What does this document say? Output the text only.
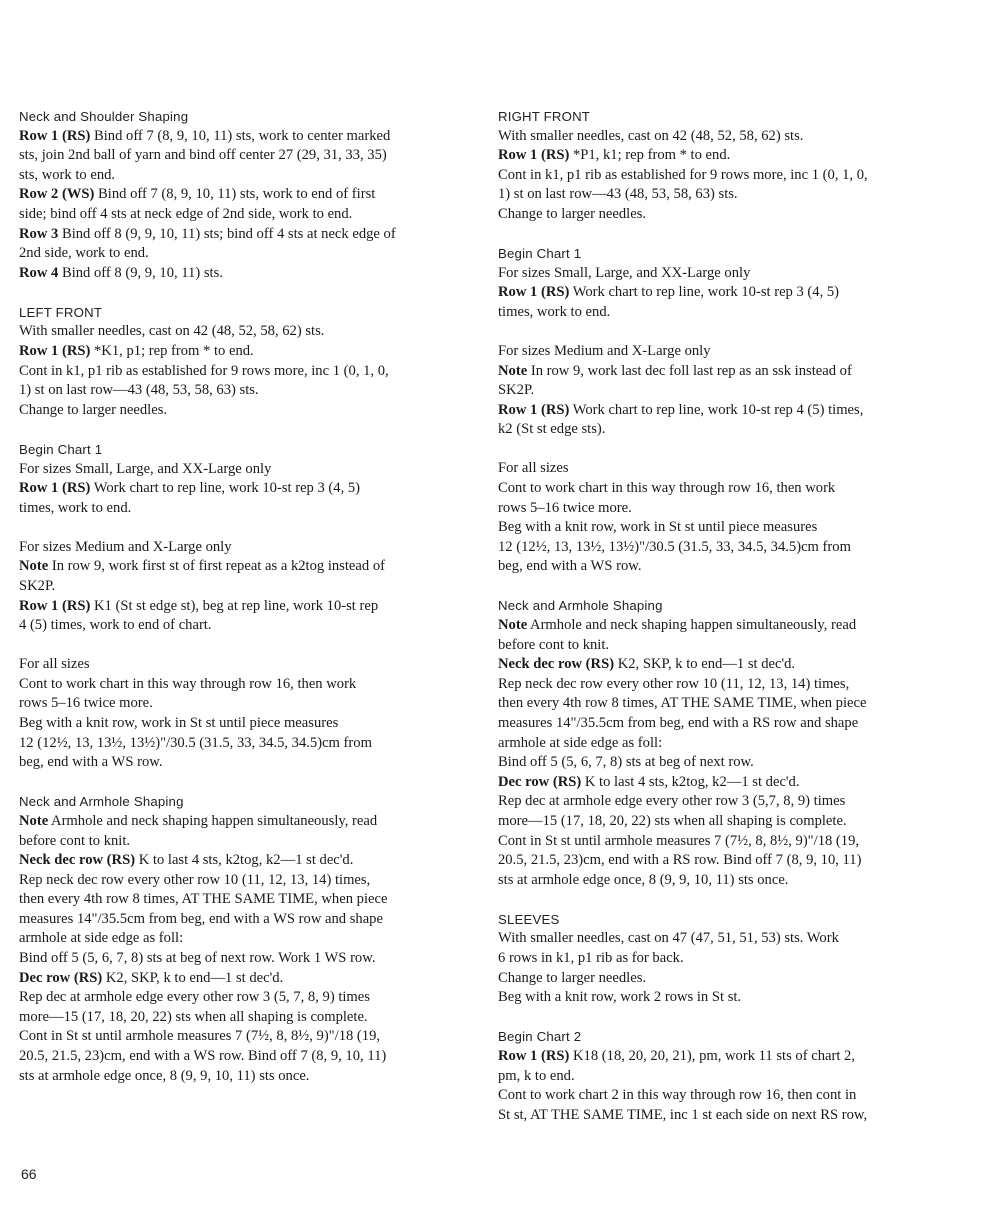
Neck and Shoulder Shaping
Row 1 (RS) Bind off 7 (8, 9, 10, 11) sts, work to center marked
sts, join 2nd ball of yarn and bind off center 27 (29, 31, 33, 35)
sts, work to end.
Row 2 (WS) Bind off 7 (8, 9, 10, 11) sts, work to end of first
side; bind off 4 sts at neck edge of 2nd side, work to end.
Row 3 Bind off 8 (9, 9, 10, 11) sts; bind off 4 sts at neck edge of
2nd side, work to end.
Row 4 Bind off 8 (9, 9, 10, 11) sts.
LEFT FRONT
With smaller needles, cast on 42 (48, 52, 58, 62) sts.
Row 1 (RS) *K1, p1; rep from * to end.
Cont in k1, p1 rib as established for 9 rows more, inc 1 (0, 1, 0,
1) st on last row—43 (48, 53, 58, 63) sts.
Change to larger needles.
Begin Chart 1
For sizes Small, Large, and XX-Large only
Row 1 (RS) Work chart to rep line, work 10-st rep 3 (4, 5)
times, work to end.
For sizes Medium and X-Large only
Note In row 9, work first st of first repeat as a k2tog instead of
SK2P.
Row 1 (RS) K1 (St st edge st), beg at rep line, work 10-st rep
4 (5) times, work to end of chart.
For all sizes
Cont to work chart in this way through row 16, then work
rows 5–16 twice more.
Beg with a knit row, work in St st until piece measures
12 (12½, 13, 13½, 13½)"/30.5 (31.5, 33, 34.5, 34.5)cm from
beg, end with a WS row.
Neck and Armhole Shaping
Note Armhole and neck shaping happen simultaneously, read
before cont to knit.
Neck dec row (RS) K to last 4 sts, k2tog, k2—1 st dec'd.
Rep neck dec row every other row 10 (11, 12, 13, 14) times,
then every 4th row 8 times, AT THE SAME TIME, when piece
measures 14"/35.5cm from beg, end with a WS row and shape
armhole at side edge as foll:
Bind off 5 (5, 6, 7, 8) sts at beg of next row. Work 1 WS row.
Dec row (RS) K2, SKP, k to end—1 st dec'd.
Rep dec at armhole edge every other row 3 (5, 7, 8, 9) times
more—15 (17, 18, 20, 22) sts when all shaping is complete.
Cont in St st until armhole measures 7 (7½, 8, 8½, 9)"/18 (19,
20.5, 21.5, 23)cm, end with a WS row. Bind off 7 (8, 9, 10, 11)
sts at armhole edge once, 8 (9, 9, 10, 11) sts once.
RIGHT FRONT
With smaller needles, cast on 42 (48, 52, 58, 62) sts.
Row 1 (RS) *P1, k1; rep from * to end.
Cont in k1, p1 rib as established for 9 rows more, inc 1 (0, 1, 0,
1) st on last row—43 (48, 53, 58, 63) sts.
Change to larger needles.
Begin Chart 1
For sizes Small, Large, and XX-Large only
Row 1 (RS) Work chart to rep line, work 10-st rep 3 (4, 5)
times, work to end.
For sizes Medium and X-Large only
Note In row 9, work last dec foll last rep as an ssk instead of
SK2P.
Row 1 (RS) Work chart to rep line, work 10-st rep 4 (5) times,
k2 (St st edge sts).
For all sizes
Cont to work chart in this way through row 16, then work
rows 5–16 twice more.
Beg with a knit row, work in St st until piece measures
12 (12½, 13, 13½, 13½)"/30.5 (31.5, 33, 34.5, 34.5)cm from
beg, end with a WS row.
Neck and Armhole Shaping
Note Armhole and neck shaping happen simultaneously, read
before cont to knit.
Neck dec row (RS) K2, SKP, k to end—1 st dec'd.
Rep neck dec row every other row 10 (11, 12, 13, 14) times,
then every 4th row 8 times, AT THE SAME TIME, when piece
measures 14"/35.5cm from beg, end with a RS row and shape
armhole at side edge as foll:
Bind off 5 (5, 6, 7, 8) sts at beg of next row.
Dec row (RS) K to last 4 sts, k2tog, k2—1 st dec'd.
Rep dec at armhole edge every other row 3 (5,7, 8, 9) times
more—15 (17, 18, 20, 22) sts when all shaping is complete.
Cont in St st until armhole measures 7 (7½, 8, 8½, 9)"/18 (19,
20.5, 21.5, 23)cm, end with a RS row. Bind off 7 (8, 9, 10, 11)
sts at armhole edge once, 8 (9, 9, 10, 11) sts once.
SLEEVES
With smaller needles, cast on 47 (47, 51, 51, 53) sts. Work
6 rows in k1, p1 rib as for back.
Change to larger needles.
Beg with a knit row, work 2 rows in St st.
Begin Chart 2
Row 1 (RS) K18 (18, 20, 20, 21), pm, work 11 sts of chart 2,
pm, k to end.
Cont to work chart 2 in this way through row 16, then cont in
St st, AT THE SAME TIME, inc 1 st each side on next RS row,
66
